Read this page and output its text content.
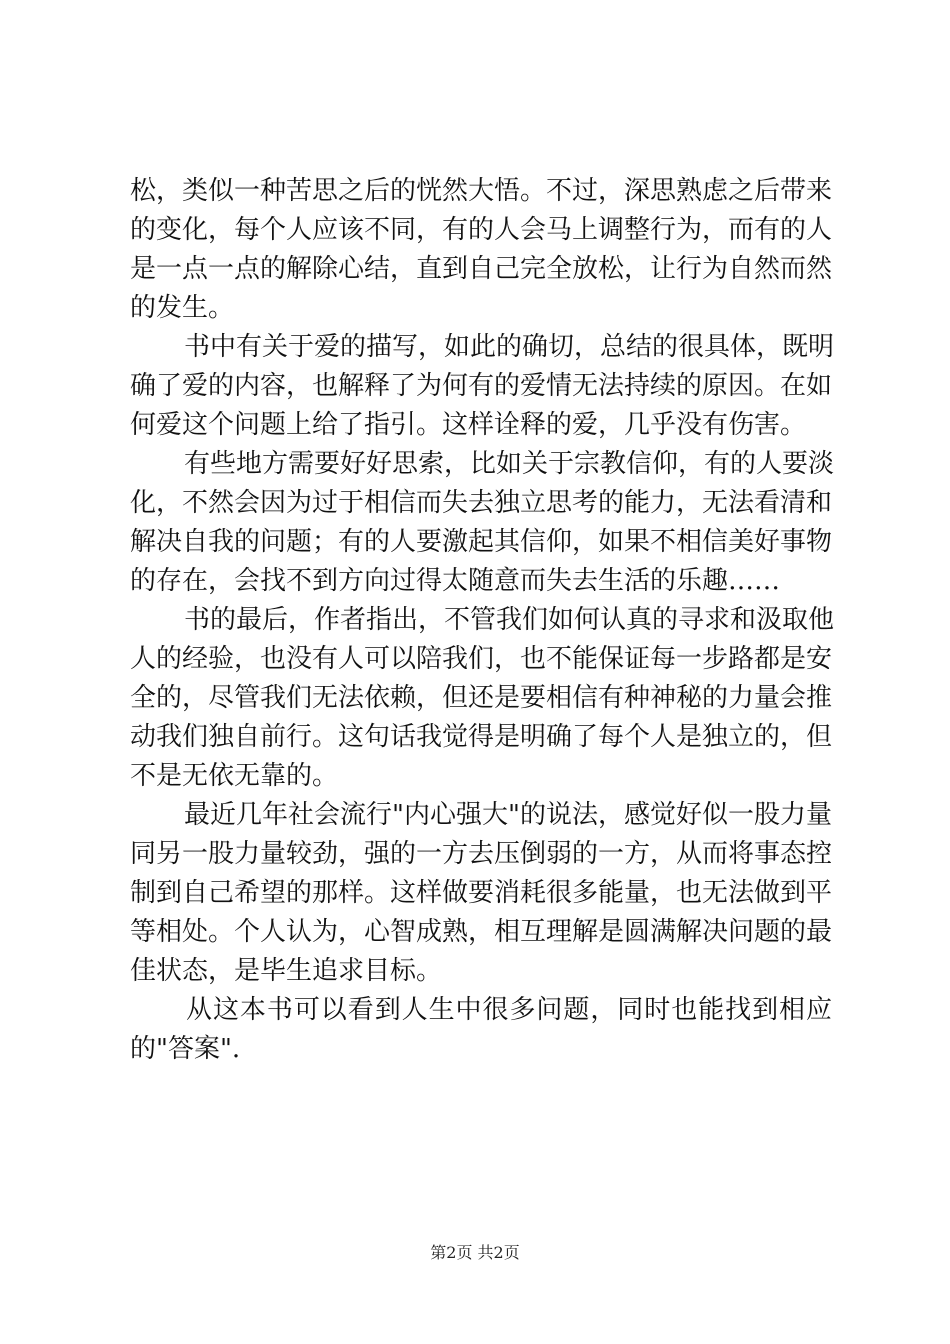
松，类似一种苦思之后的恍然大悟。不过，深思熟虑之后带来
的变化，每个人应该不同，有的人会马上调整行为，而有的人
是一点一点的解除心结，直到自己完全放松，让行为自然而然
的发生。
书中有关于爱的描写，如此的确切，总结的很具体，既明
确了爱的内容，也解释了为何有的爱情无法持续的原因。在如
何爱这个问题上给了指引。这样诠释的爱，几乎没有伤害。
有些地方需要好好思索，比如关于宗教信仰，有的人要淡
化，不然会因为过于相信而失去独立思考的能力，无法看清和
解决自我的问题；有的人要激起其信仰，如果不相信美好事物
的存在，会找不到方向过得太随意而失去生活的乐趣……
书的最后，作者指出，不管我们如何认真的寻求和汲取他
人的经验，也没有人可以陪我们，也不能保证每一步路都是安
全的，尽管我们无法依赖，但还是要相信有种神秘的力量会推
动我们独自前行。这句话我觉得是明确了每个人是独立的，但
不是无依无靠的。
最近几年社会流行"内心强大"的说法，感觉好似一股力量
同另一股力量较劲，强的一方去压倒弱的一方，从而将事态控
制到自己希望的那样。这样做要消耗很多能量，也无法做到平
等相处。个人认为，心智成熟，相互理解是圆满解决问题的最
佳状态，是毕生追求目标。
从这本书可以看到人生中很多问题，同时也能找到相应
的"答案".
第2页 共2页
